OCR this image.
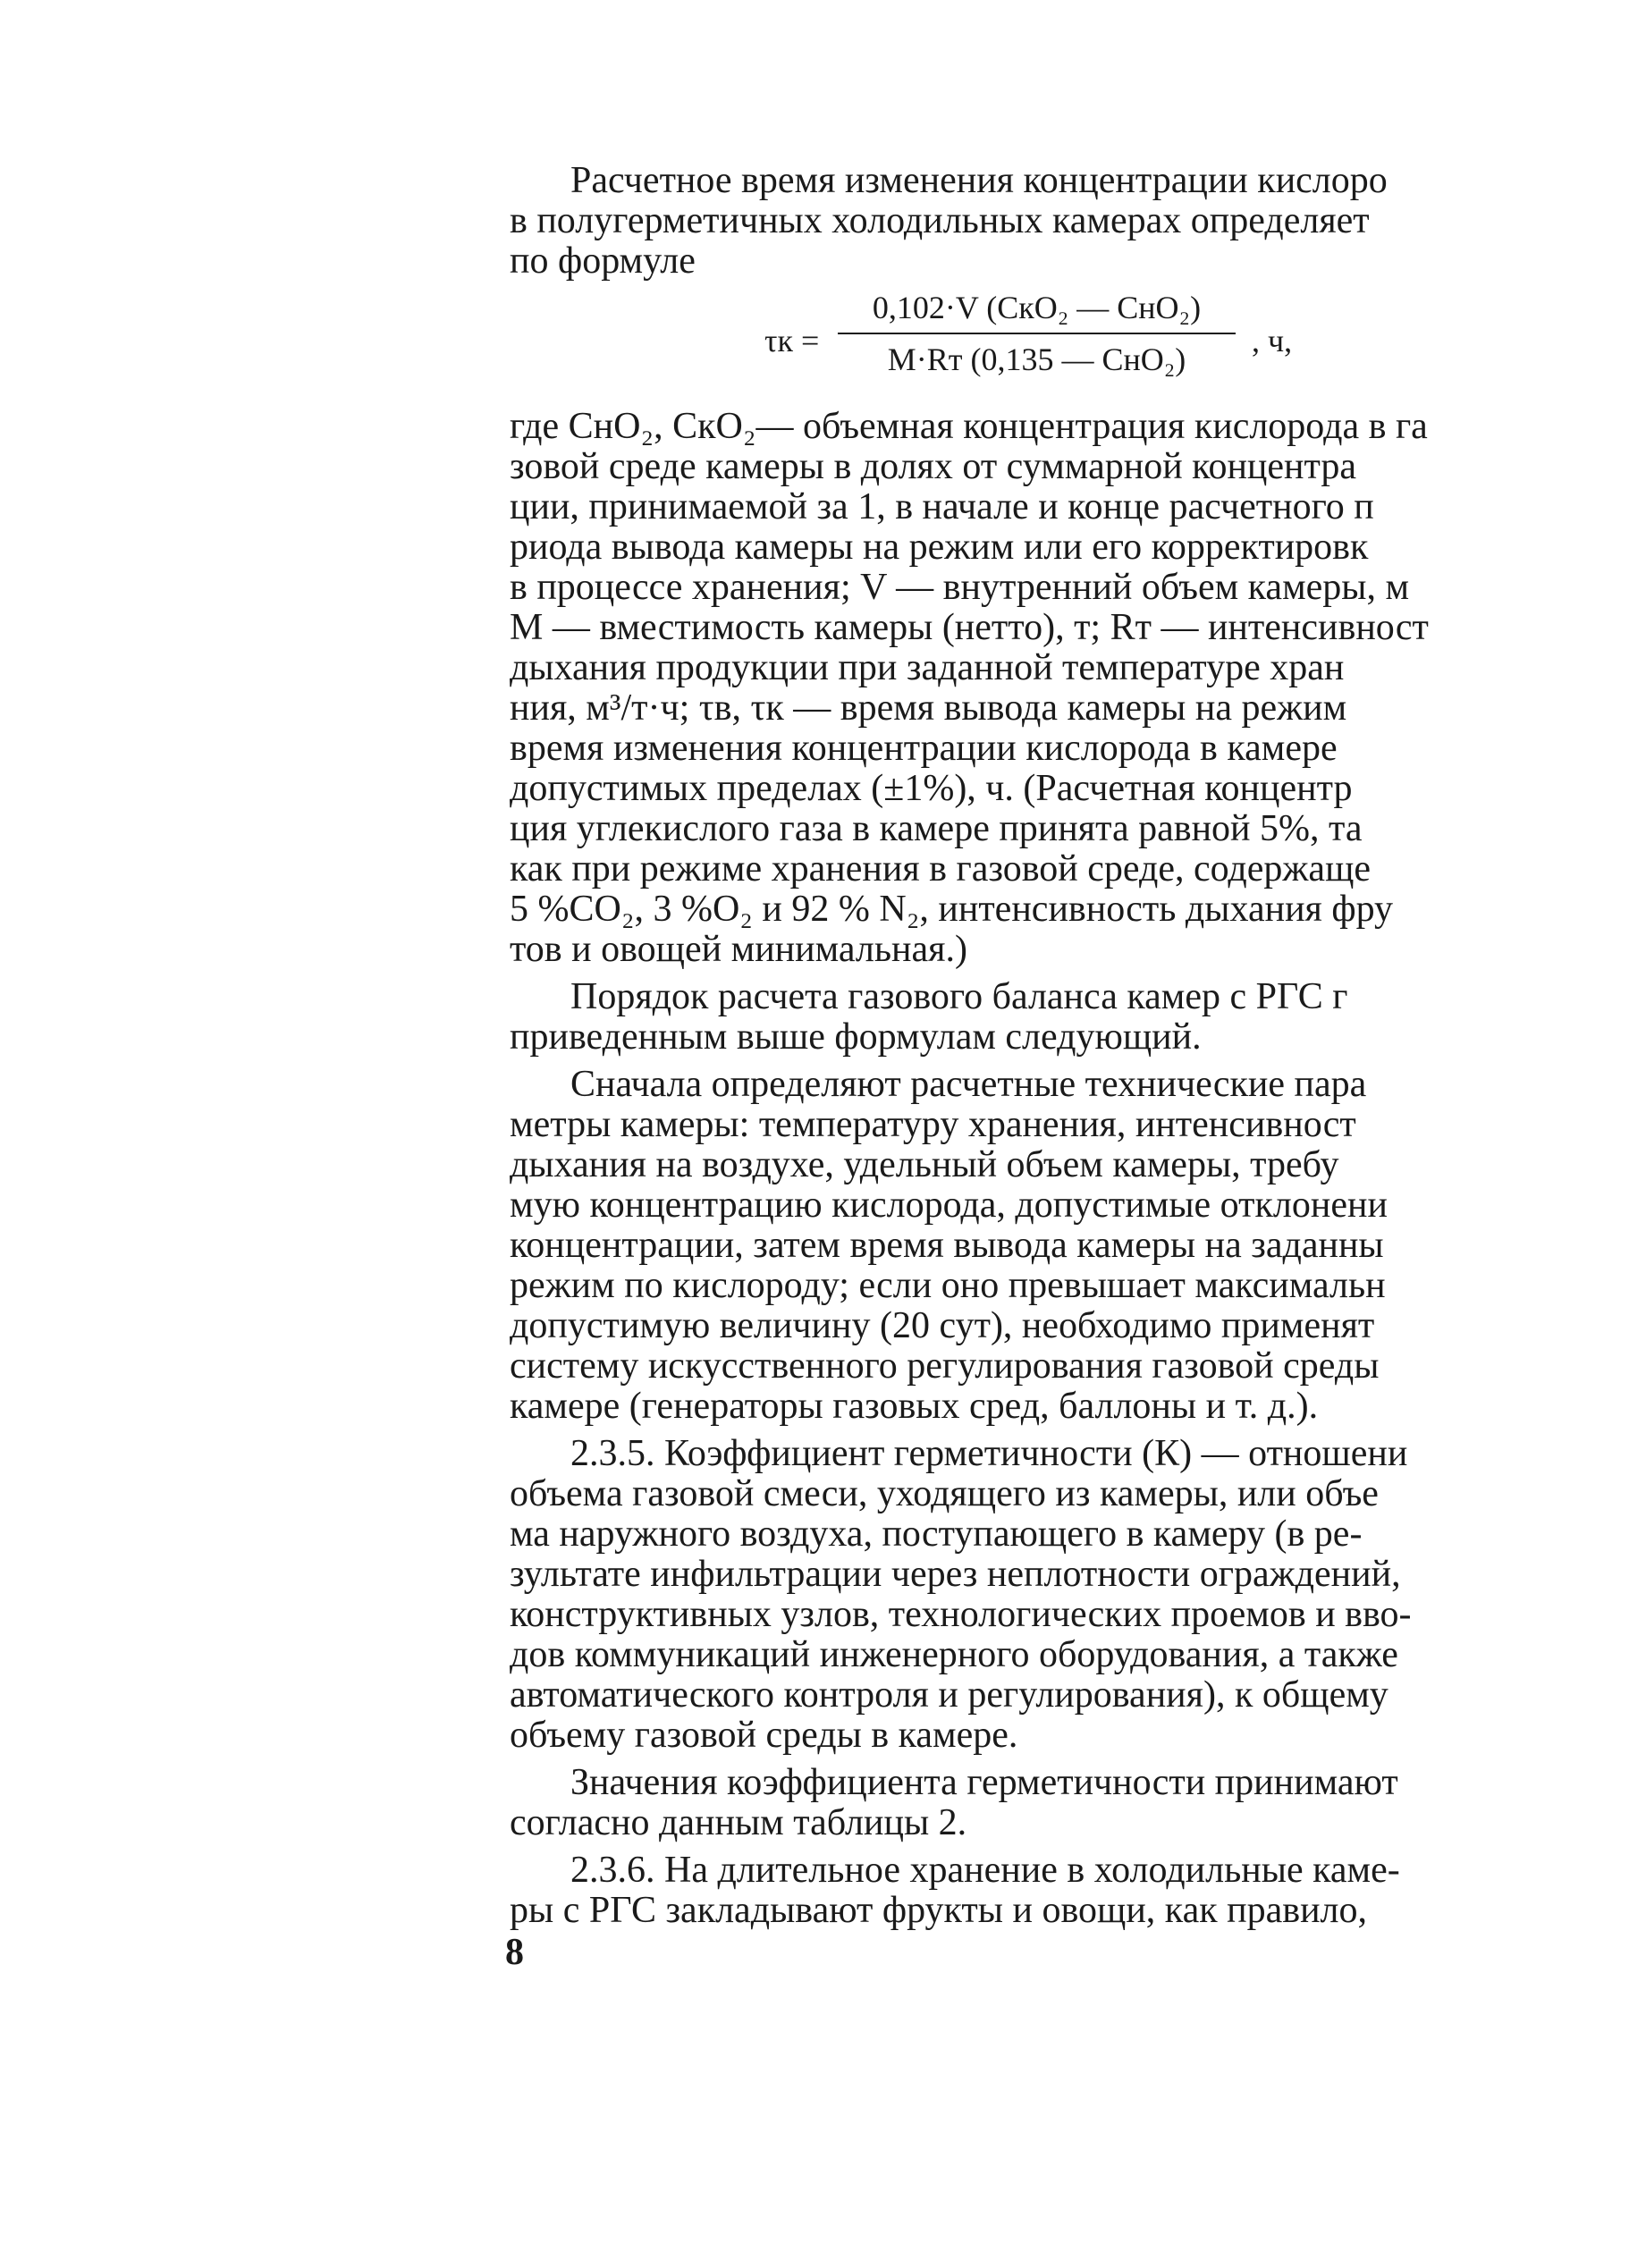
Расчетное время изменения концентрации кислоро
в полугерметичных холодильных камерах определяет
по формуле
где CнO₂, CкO₂— объемная концентрация кислорода в га
зовой среде камеры в долях от суммарной концентра
ции, принимаемой за 1, в начале и конце расчетного п
риода вывода камеры на режим или его корректировк
в процессе хранения; V — внутренний объем камеры, м
M — вместимость камеры (нетто), т; Rт — интенсивност
дыхания продукции при заданной температуре хран
ния, м³/т·ч; τв, τк — время вывода камеры на режим
время изменения концентрации кислорода в камере
допустимых пределах (±1%), ч. (Расчетная концентр
ция углекислого газа в камере принята равной 5%, та
как при режиме хранения в газовой среде, содержаще
5 %CO₂, 3 %O₂ и 92 % N₂, интенсивность дыхания фру
тов и овощей минимальная.)
Порядок расчета газового баланса камер с РГС г
приведенным выше формулам следующий.
Сначала определяют расчетные технические пара
метры камеры: температуру хранения, интенсивност
дыхания на воздухе, удельный объем камеры, требу
мую концентрацию кислорода, допустимые отклонени
концентрации, затем время вывода камеры на заданны
режим по кислороду; если оно превышает максимальн
допустимую величину (20 сут), необходимо применят
систему искусственного регулирования газовой среды
камере (генераторы газовых сред, баллоны и т. д.).
2.3.5. Коэффициент герметичности (К) — отношени
объема газовой смеси, уходящего из камеры, или объе
ма наружного воздуха, поступающего в камеру (в ре-
зультате инфильтрации через неплотности ограждений,
конструктивных узлов, технологических проемов и вво-
дов коммуникаций инженерного оборудования, а также
автоматического контроля и регулирования), к общему
объему газовой среды в камере.
Значения коэффициента герметичности принимают
согласно данным таблицы 2.
2.3.6. На длительное хранение в холодильные каме-
ры с РГС закладывают фрукты и овощи, как правило,
τк =
0,102·V (CкO₂ — CнO₂)
M·Rт (0,135 — CнO₂)
, ч,
8
